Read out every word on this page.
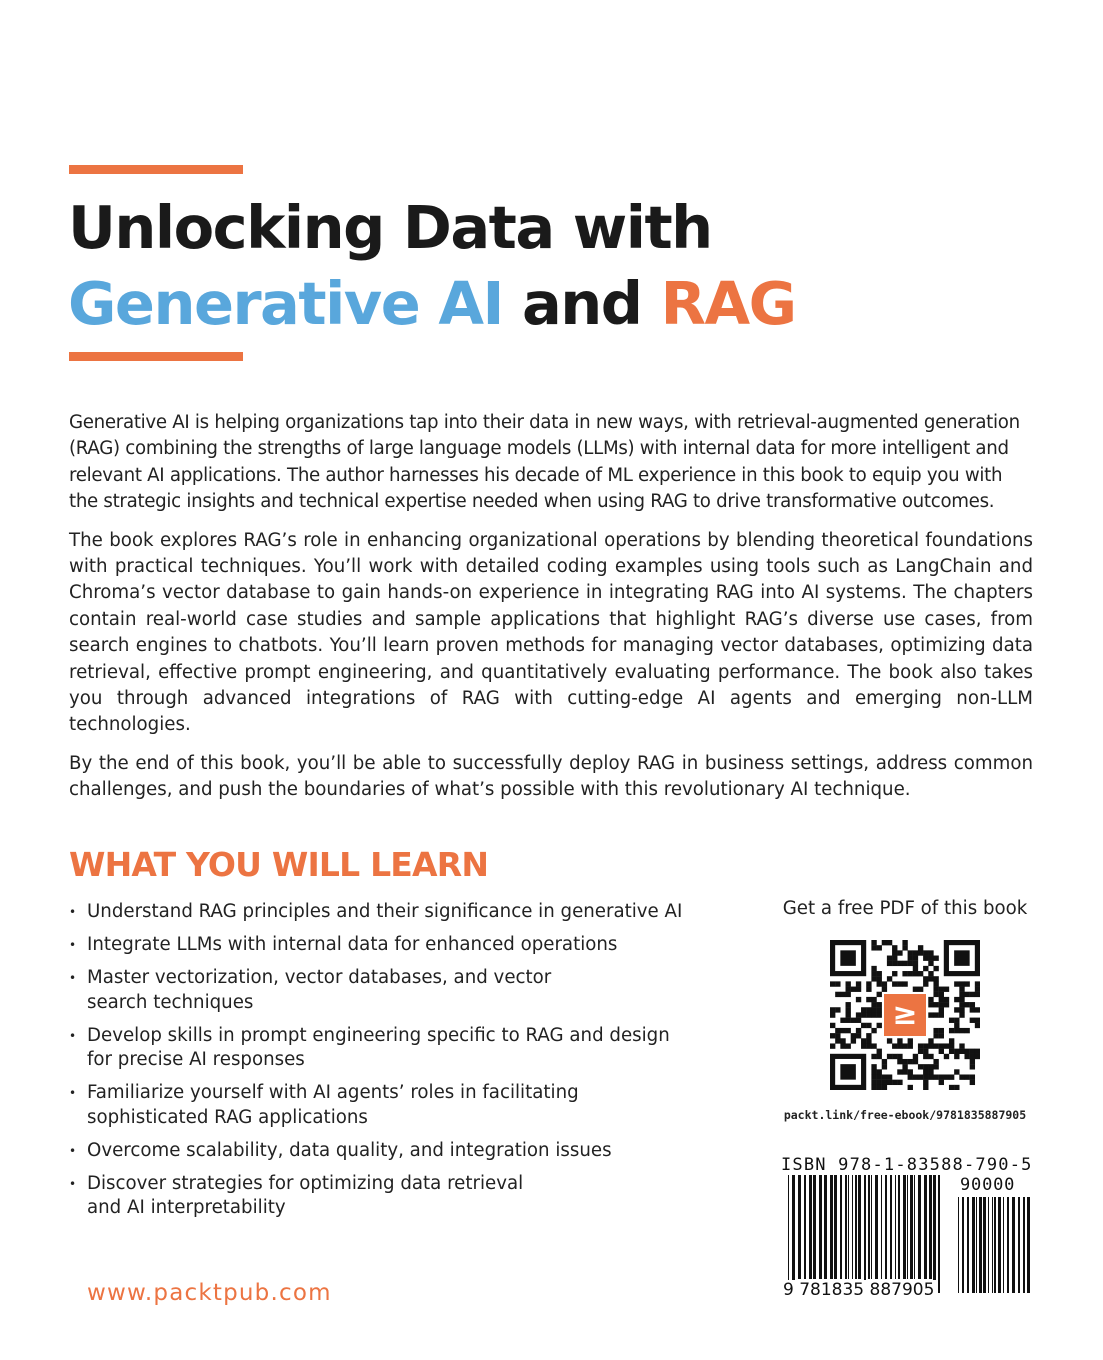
Unlocking Data with
Generative AI and RAG

Generative AI is helping organizations tap into their data in new ways, with retrieval-augmented generation (RAG) combining the strengths of large language models (LLMs) with internal data for more intelligent and relevant AI applications. The author harnesses his decade of ML experience in this book to equip you with the strategic insights and technical expertise needed when using RAG to drive transformative outcomes.

The book explores RAG’s role in enhancing organizational operations by blending theoretical foundations with practical techniques. You’ll work with detailed coding examples using tools such as LangChain and Chroma’s vector database to gain hands-on experience in integrating RAG into AI systems. The chapters contain real-world case studies and sample applications that highlight RAG’s diverse use cases, from search engines to chatbots. You’ll learn proven methods for managing vector databases, optimizing data retrieval, effective prompt engineering, and quantitatively evaluating performance. The book also takes you through advanced integrations of RAG with cutting-edge AI agents and emerging non-LLM technologies.

By the end of this book, you’ll be able to successfully deploy RAG in business settings, address common challenges, and push the boundaries of what’s possible with this revolutionary AI technique.

WHAT YOU WILL LEARN
• Understand RAG principles and their significance in generative AI
• Integrate LLMs with internal data for enhanced operations
• Master vectorization, vector databases, and vector search techniques
• Develop skills in prompt engineering specific to RAG and design for precise AI responses
• Familiarize yourself with AI agents’ roles in facilitating sophisticated RAG applications
• Overcome scalability, data quality, and integration issues
• Discover strategies for optimizing data retrieval and AI interpretability
Get a free PDF of this book
≥
packt.link/free-ebook/9781835887905
ISBN 978-1-83588-790-5
90000
9 781835 887905
www.packtpub.com
